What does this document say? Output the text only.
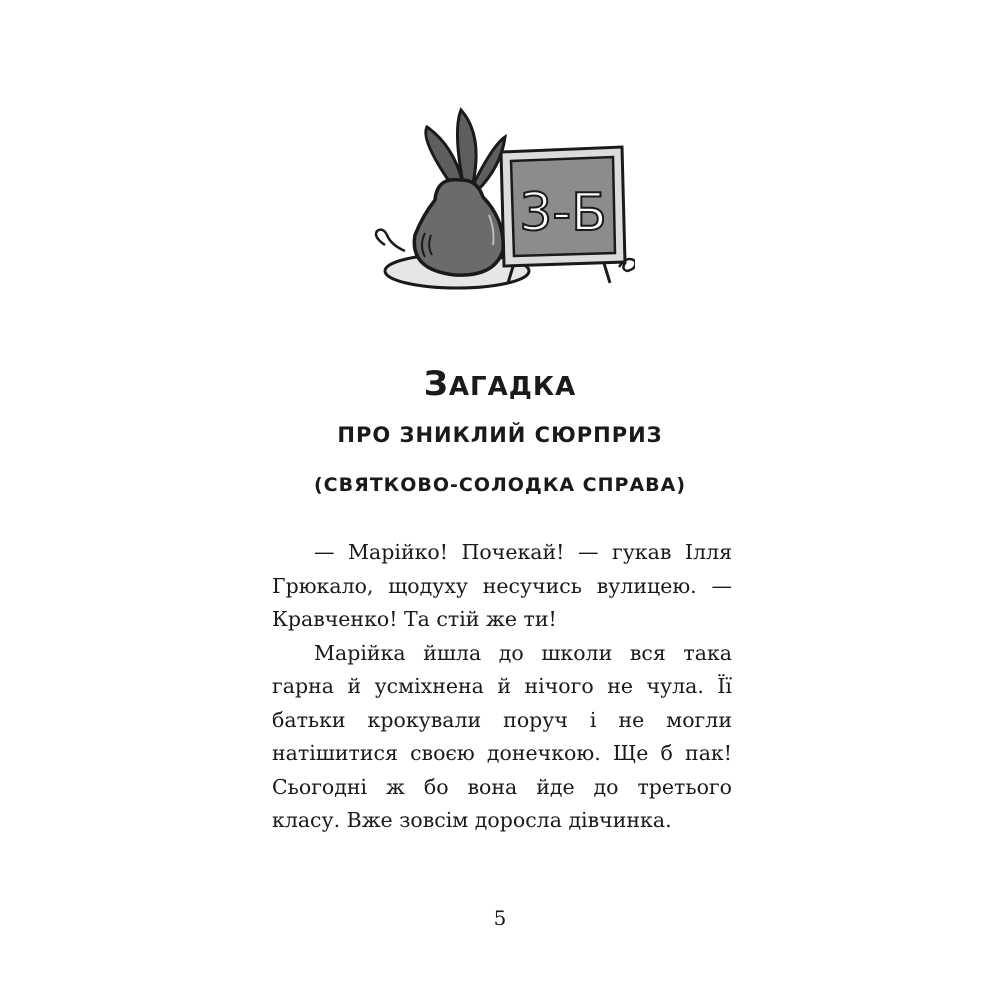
3-Б
ЗАГАДКА
ПРО ЗНИКЛИЙ СЮРПРИЗ
(СВЯТКОВО-СОЛОДКА СПРАВА)

— Марійко! Почекай! — гукав Ілля Грюкало, щодуху несучись вулицею. — Кравченко! Та стій же ти!

Марійка йшла до школи вся така гарна й усміхнена й нічого не чула. Її батьки крокували поруч і не могли натішитися своєю донечкою. Ще б пак! Сьогодні ж бо вона йде до третього класу. Вже зовсім доросла дівчинка.

5
